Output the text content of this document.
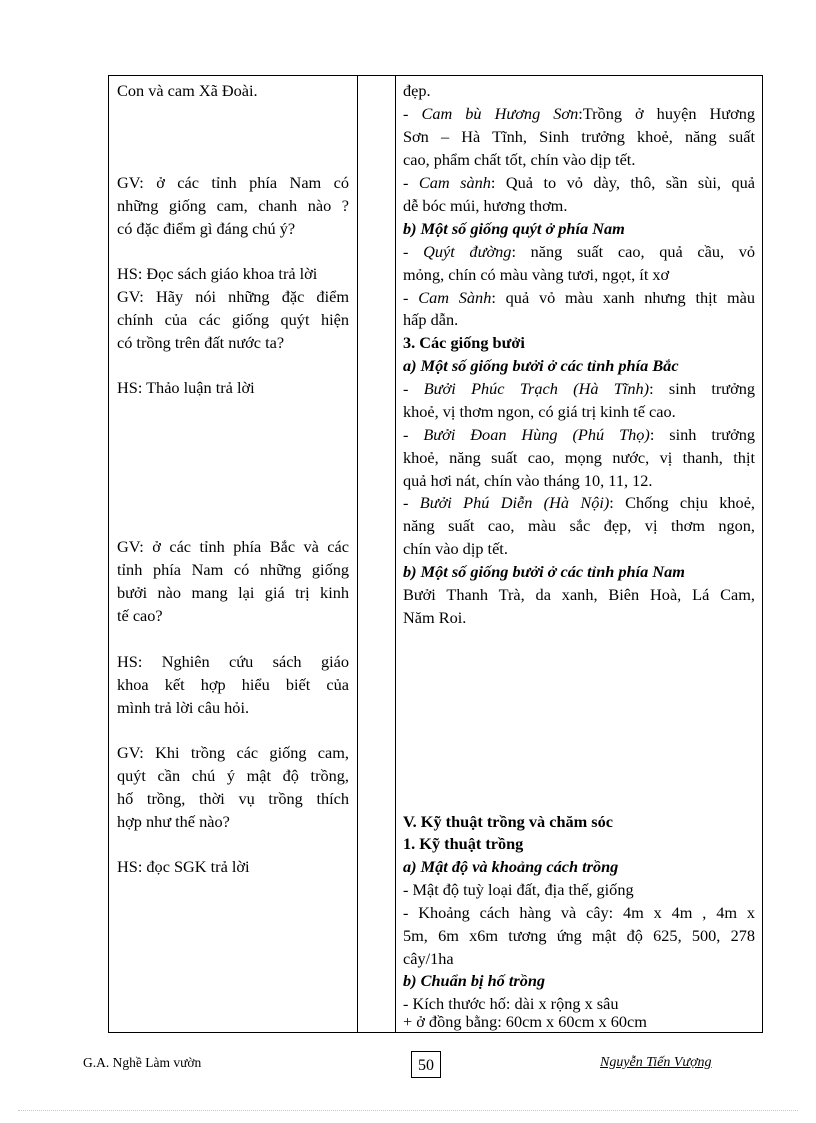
Con và cam Xã Đoài.
GV: ở các tỉnh phía Nam có
những giống cam, chanh nào ?
có đặc điểm gì đáng chú ý?
HS: Đọc sách giáo khoa trả lời
GV: Hãy nói những đặc điểm
chính của các giống quýt hiện
có trồng trên đất nước ta?
HS: Thảo luận trả lời
GV: ở các tỉnh phía Bắc và các
tỉnh phía Nam có những giống
bưởi nào mang lại giá trị kinh
tế cao?
HS: Nghiên cứu sách giáo
khoa kết hợp hiểu biết của
mình trả lời câu hỏi.
GV: Khi trồng các giống cam,
quýt cần chú ý mật độ trồng,
hố trồng, thời vụ trồng thích
hợp như thế nào?
HS: đọc SGK trả lời
đẹp.
- Cam bù Hương Sơn:Trồng ở huyện Hương
Sơn – Hà Tĩnh, Sinh trưởng khoẻ, năng suất
cao, phẩm chất tốt, chín vào dịp tết.
- Cam sành: Quả to vỏ dày, thô, sần sùi, quả
dễ bóc múi, hương thơm.
b) Một số giống quýt ở phía Nam
- Quýt đường: năng suất cao, quả cầu, vỏ
mỏng, chín có màu vàng tươi, ngọt, ít xơ
- Cam Sành: quả vỏ màu xanh nhưng thịt màu
hấp dẫn.
3. Các giống bưởi
a) Một số giống bưởi ở các tỉnh phía Bắc
- Bưởi Phúc Trạch (Hà Tĩnh): sinh trưởng
khoẻ, vị thơm ngon, có giá trị kinh tế cao.
- Bưởi Đoan Hùng (Phú Thọ): sinh trưởng
khoẻ, năng suất cao, mọng nước, vị thanh, thịt
quả hơi nát, chín vào tháng 10, 11, 12.
- Bưởi Phú Diễn (Hà Nội): Chống chịu khoẻ,
năng suất cao, màu sắc đẹp, vị thơm ngon,
chín vào dịp tết.
b) Một số giống bưởi ở các tỉnh phía Nam
Bưởi Thanh Trà, da xanh, Biên Hoà, Lá Cam,
Năm Roi.
V. Kỹ thuật trồng và chăm sóc
1. Kỹ thuật trồng
a) Mật độ và khoảng cách trồng
- Mật độ tuỳ loại đất, địa thế, giống
- Khoảng cách hàng và cây: 4m x 4m , 4m x
5m, 6m x6m tương ứng mật độ 625, 500, 278
cây/1ha
b) Chuẩn bị hố trồng
- Kích thước hố: dài x rộng x sâu
+ ở đồng bằng: 60cm x 60cm x 60cm
G.A. Nghề Làm vườn	50	Nguyễn Tiến Vượng
